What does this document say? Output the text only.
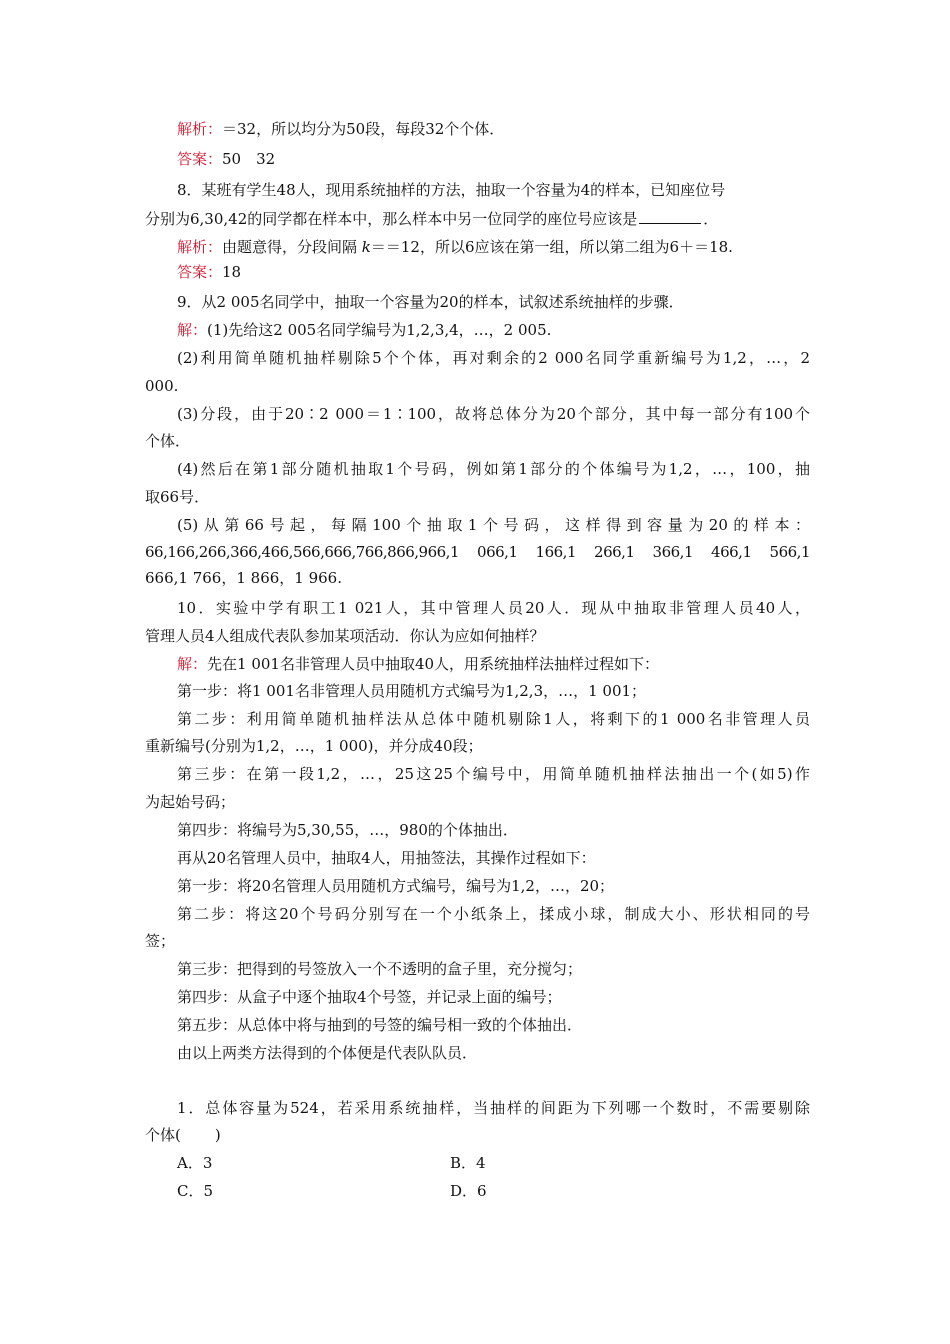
解析：＝32，所以均分为50段，每段32个个体．
答案：50　32
8．某班有学生48人，现用系统抽样的方法，抽取一个容量为4的样本，已知座位号
分别为6,30,42的同学都在样本中，那么样本中另一位同学的座位号应该是	．
解析：由题意得，分段间隔 k＝＝12，所以6应该在第一组，所以第二组为6＋＝18.
答案：18
9．从2 005名同学中，抽取一个容量为20的样本，试叙述系统抽样的步骤．
解：(1)先给这2 005名同学编号为1,2,3,4，…，2 005.
(2)利用简单随机抽样剔除5个个体，再对剩余的2 000名同学重新编号为1,2，…，2
000.
(3)分段，由于20∶2 000＝1∶100，故将总体分为20个部分，其中每一部分有100个
个体．
(4)然后在第1部分随机抽取1个号码，例如第1部分的个体编号为1,2，…，100，抽
取66号．
(5)从第66号起，每隔100个抽取1个号码，这样得到容量为20的样本：
66,166,266,366,466,566,666,766,866,966,1　066,1　166,1　266,1　366,1　466,1　566,1
666,1 766，1 866，1 966.
10．实验中学有职工1 021人，其中管理人员20人．现从中抽取非管理人员40人，
管理人员4人组成代表队参加某项活动．你认为应如何抽样？
解：先在1 001名非管理人员中抽取40人，用系统抽样法抽样过程如下：
第一步：将1 001名非管理人员用随机方式编号为1,2,3，…，1 001；
第二步：利用简单随机抽样法从总体中随机剔除1人，将剩下的1 000名非管理人员
重新编号(分别为1,2，…，1 000)，并分成40段；
第三步：在第一段1,2，…，25这25个编号中，用简单随机抽样法抽出一个(如5)作
为起始号码；
第四步：将编号为5,30,55，…，980的个体抽出．
再从20名管理人员中，抽取4人，用抽签法，其操作过程如下：
第一步：将20名管理人员用随机方式编号，编号为1,2，…，20；
第二步：将这20个号码分别写在一个小纸条上，揉成小球，制成大小、形状相同的号
签；
第三步：把得到的号签放入一个不透明的盒子里，充分搅匀；
第四步：从盒子中逐个抽取4个号签，并记录上面的编号；
第五步：从总体中将与抽到的号签的编号相一致的个体抽出．
由以上两类方法得到的个体便是代表队队员．
1．总体容量为524，若采用系统抽样，当抽样的间距为下列哪一个数时，不需要剔除
个体( )
A．3	B．4
C．5	D．6
